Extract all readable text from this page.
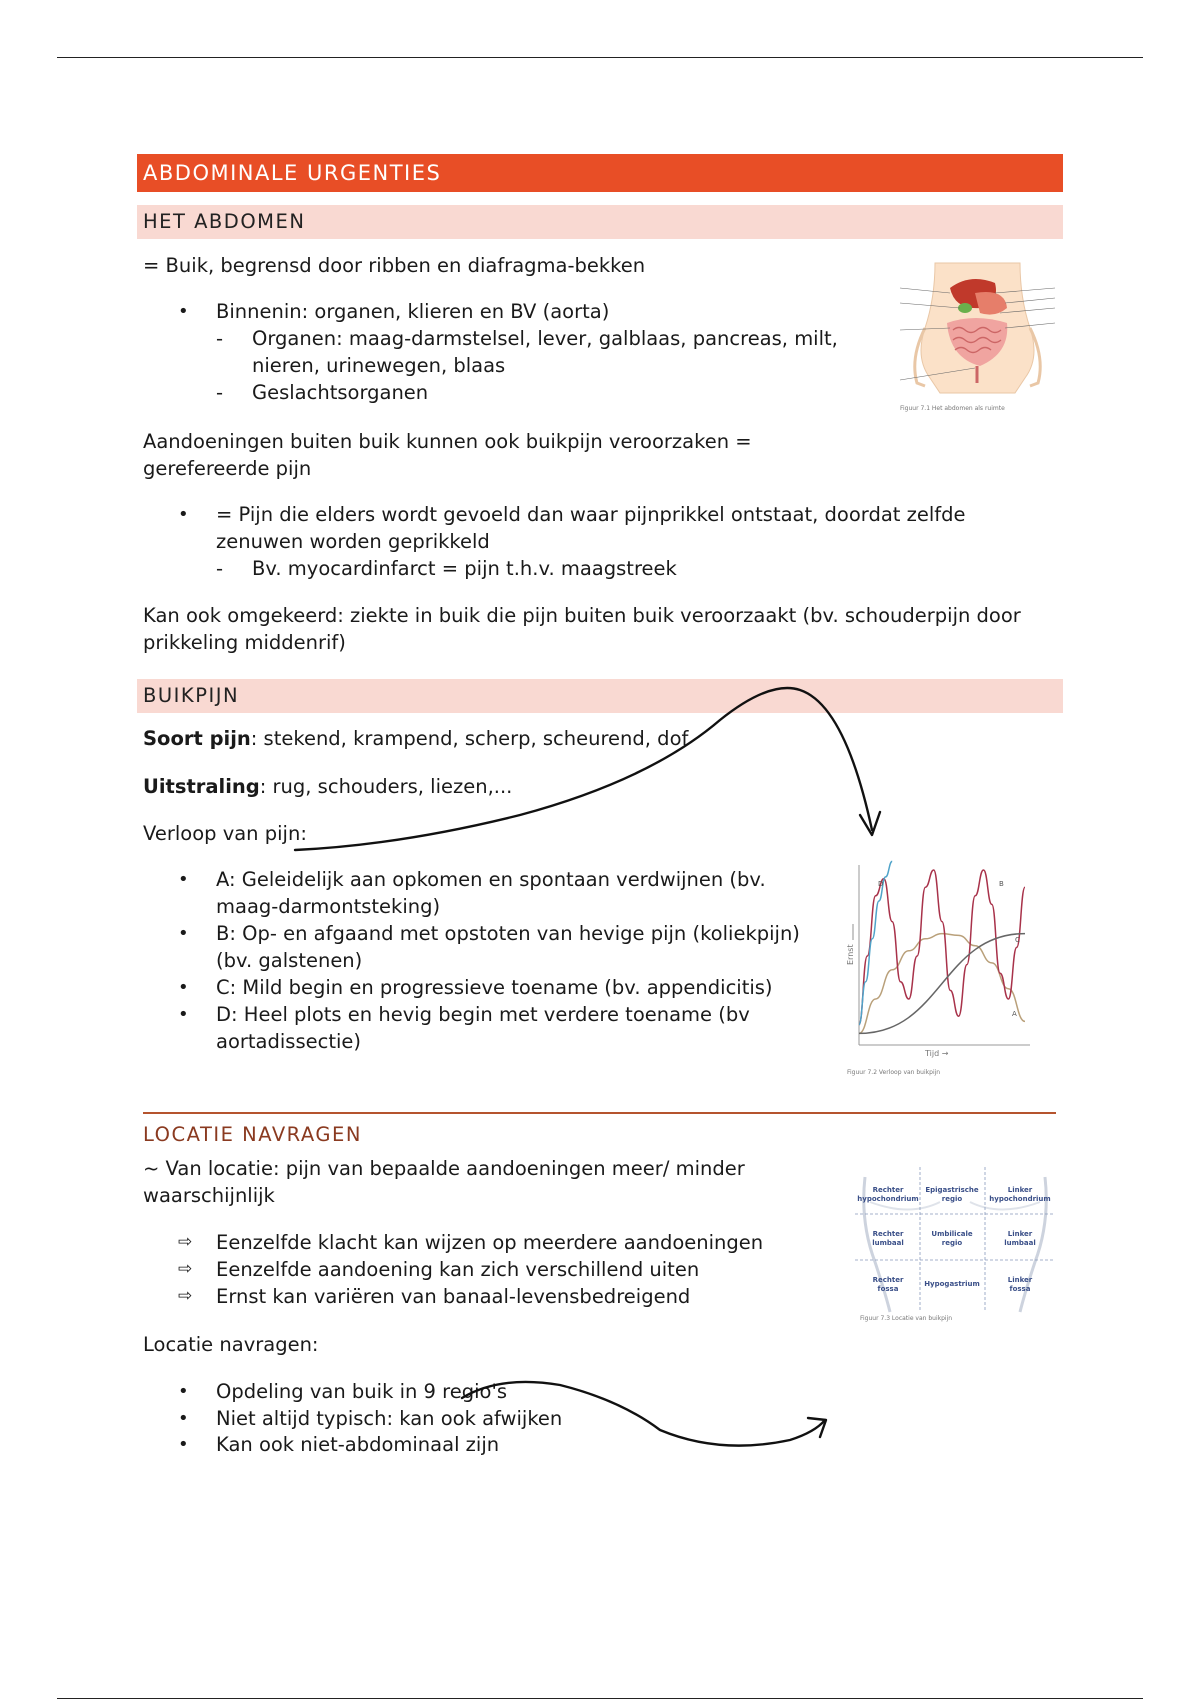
ABDOMINALE URGENTIES
HET ABDOMEN
= Buik, begrensd door ribben en diafragma-bekken
• Binnenin: organen, klieren en BV (aorta)
- Organen: maag-darmstelsel, lever, galblaas, pancreas, milt,
nieren, urinewegen, blaas
- Geslachtsorganen
Aandoeningen buiten buik kunnen ook buikpijn veroorzaken =
gerefereerde pijn
• = Pijn die elders wordt gevoeld dan waar pijnprikkel ontstaat, doordat zelfde
zenuwen worden geprikkeld
- Bv. myocardinfarct = pijn t.h.v. maagstreek
Kan ook omgekeerd: ziekte in buik die pijn buiten buik veroorzaakt (bv. schouderpijn door
prikkeling middenrif)
Figuur 7.1 Het abdomen als ruimte
BUIKPIJN
Soort pijn: stekend, krampend, scherp, scheurend, dof
Uitstraling: rug, schouders, liezen,...
Verloop van pijn:
• A: Geleidelijk aan opkomen en spontaan verdwijnen (bv.
maag-darmontsteking)
• B: Op- en afgaand met opstoten van hevige pijn (koliekpijn)
(bv. galstenen)
• C: Mild begin en progressieve toename (bv. appendicitis)
• D: Heel plots en hevig begin met verdere toename (bv
aortadissectie)
Ernst
Tijd →
D	B
C
A
Figuur 7.2 Verloop van buikpijn
LOCATIE NAVRAGEN
~ Van locatie: pijn van bepaalde aandoeningen meer/ minder
waarschijnlijk
⇨ Eenzelfde klacht kan wijzen op meerdere aandoeningen
⇨ Eenzelfde aandoening kan zich verschillend uiten
⇨ Ernst kan variëren van banaal-levensbedreigend
Locatie navragen:
• Opdeling van buik in 9 regio's
• Niet altijd typisch: kan ook afwijken
• Kan ook niet-abdominaal zijn
Rechter
hypochondrium
Epigastrische
regio
Linker
hypochondrium
Rechter
lumbaal
Umbilicale
regio
Linker
lumbaal
Rechter
fossa
Hypogastrium	Linker
fossa
Figuur 7.3 Locatie van buikpijn
